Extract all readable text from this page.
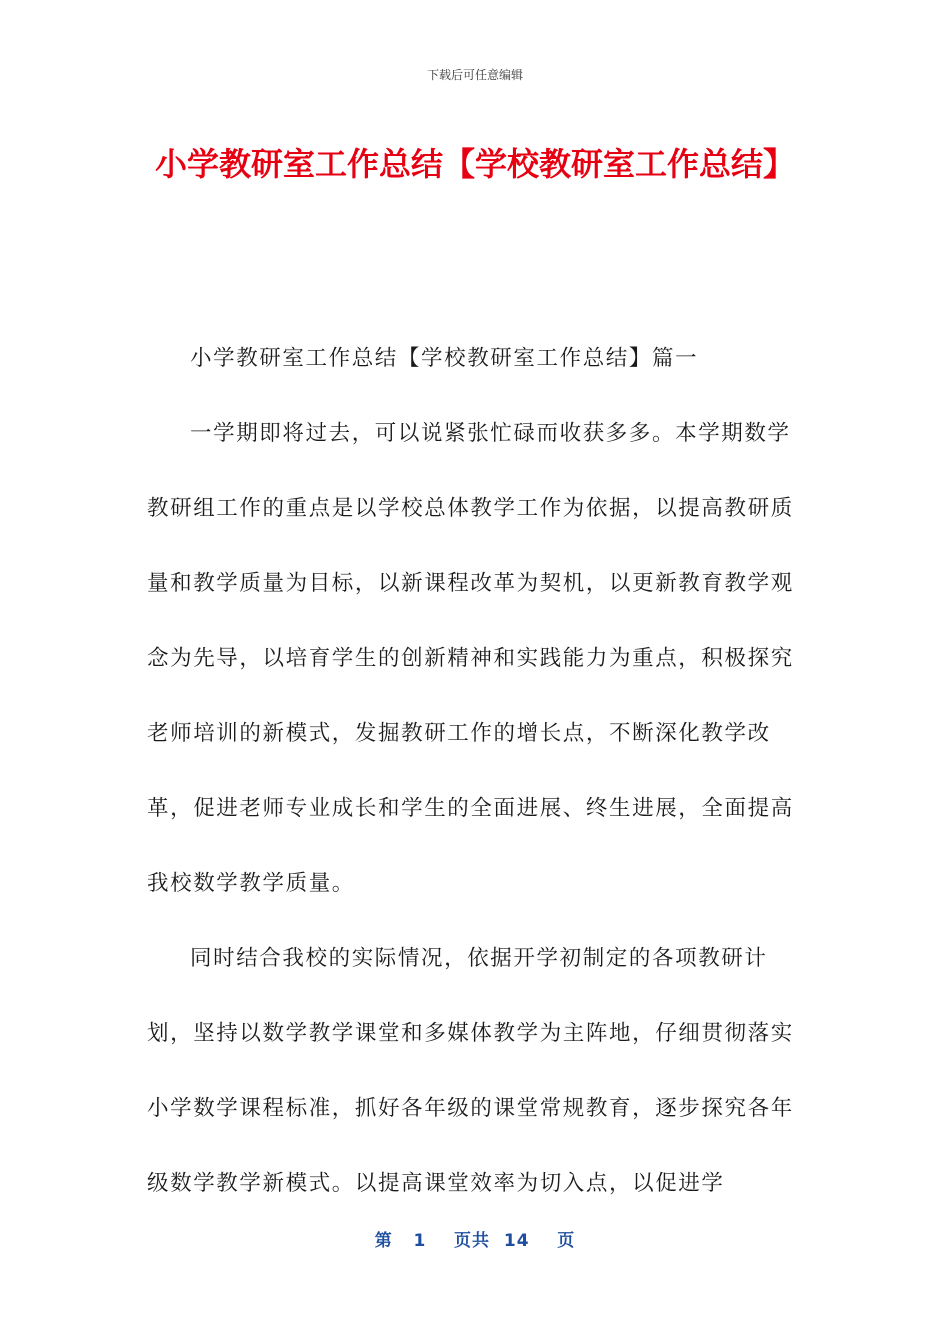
下载后可任意编辑
小学教研室工作总结【学校教研室工作总结】

小学教研室工作总结【学校教研室工作总结】篇一

一学期即将过去，可以说紧张忙碌而收获多多。本学期数学教研组工作的重点是以学校总体教学工作为依据，以提高教研质量和教学质量为目标，以新课程改革为契机，以更新教育教学观念为先导，以培育学生的创新精神和实践能力为重点，积极探究老师培训的新模式，发掘教研工作的增长点，不断深化教学改革，促进老师专业成长和学生的全面进展、终生进展，全面提高我校数学教学质量。

同时结合我校的实际情况，依据开学初制定的各项教研计划，坚持以数学教学课堂和多媒体教学为主阵地，仔细贯彻落实小学数学课程标准，抓好各年级的课堂常规教育，逐步探究各年级数学教学新模式。以提高课堂效率为切入点，以促进学

第 1 页共 14 页
